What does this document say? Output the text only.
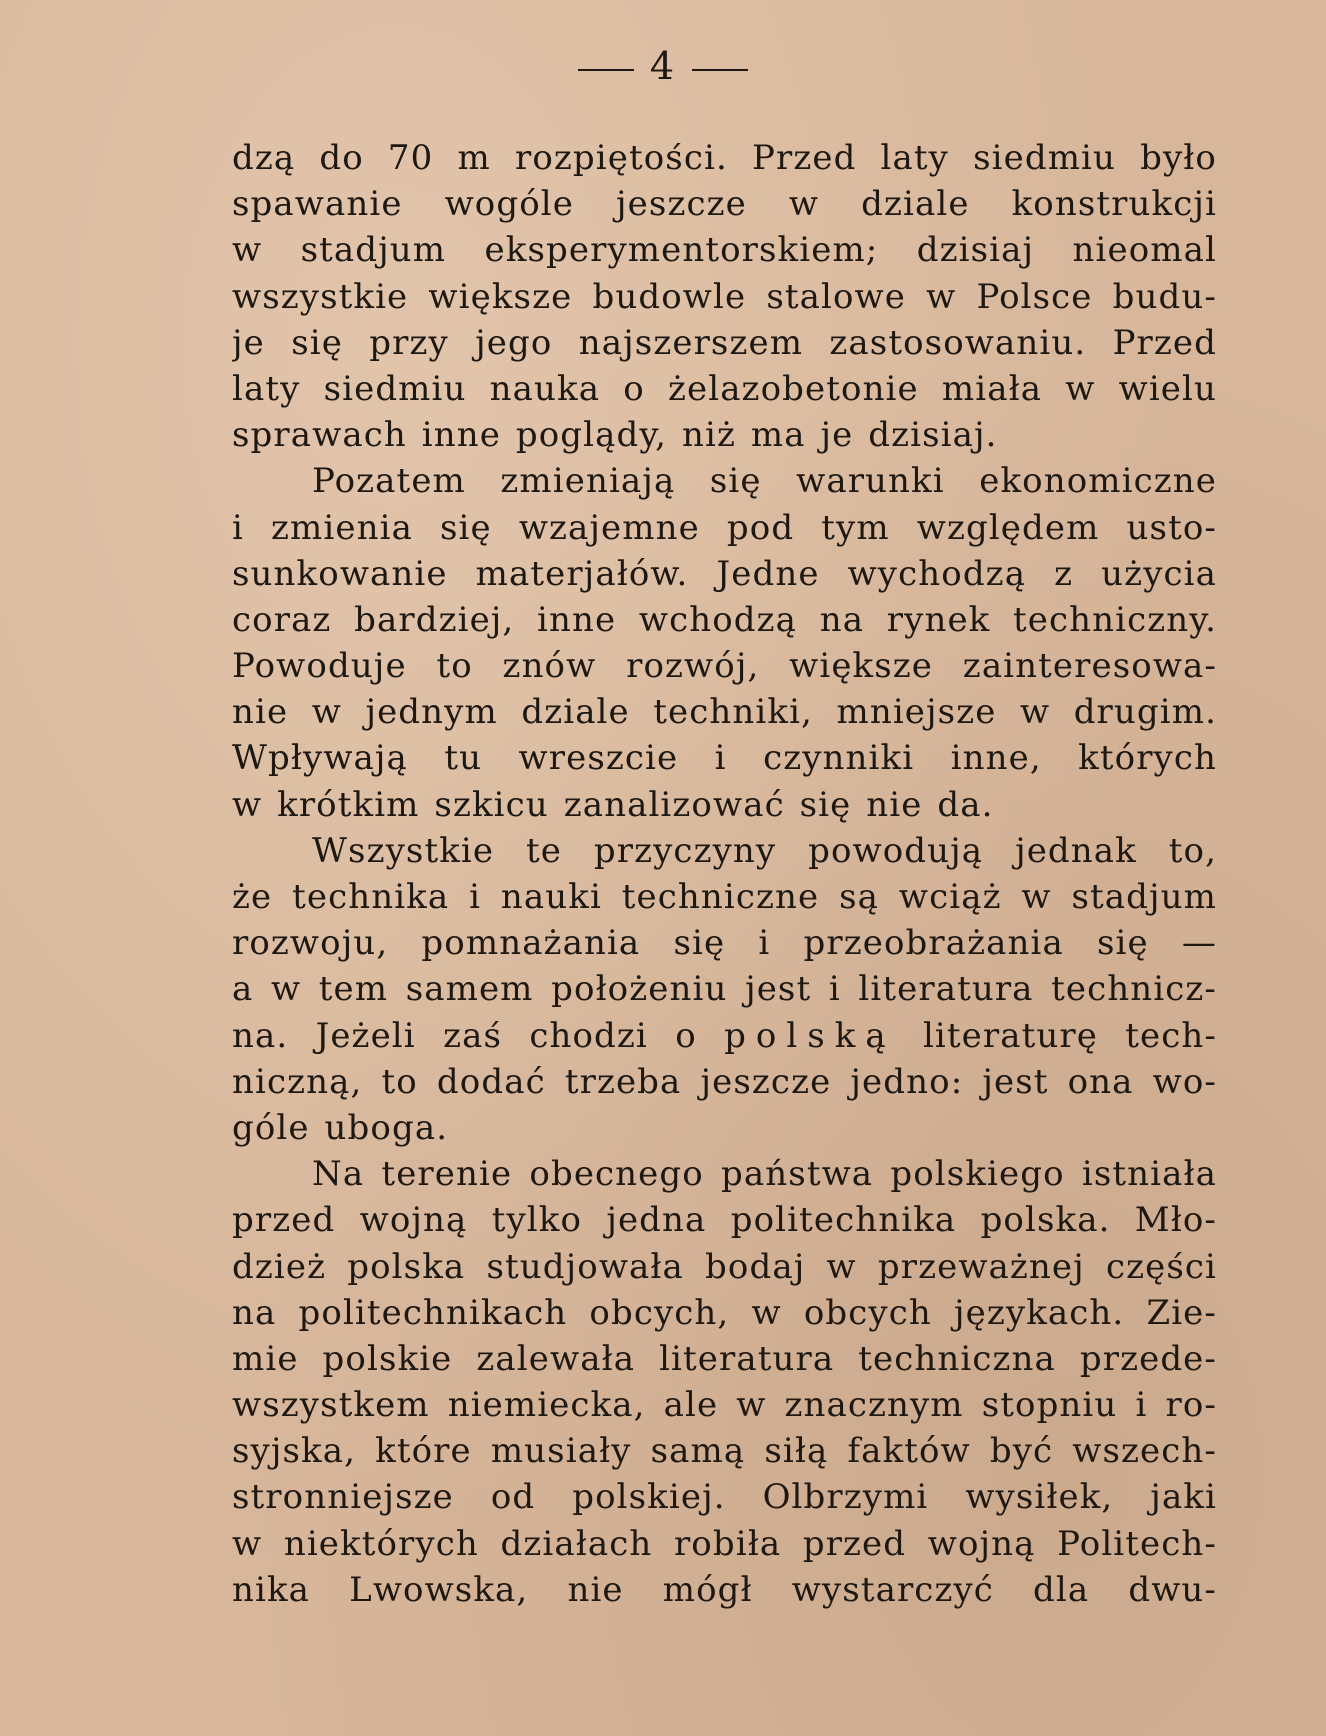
4
dzą do 70 m rozpiętości. Przed laty siedmiu było
spawanie wogóle jeszcze w dziale konstrukcji
w stadjum eksperymentorskiem; dzisiaj nieomal
wszystkie większe budowle stalowe w Polsce budu-
je się przy jego najszerszem zastosowaniu. Przed
laty siedmiu nauka o żelazobetonie miała w wielu
sprawach inne poglądy, niż ma je dzisiaj.
Pozatem zmieniają się warunki ekonomiczne
i zmienia się wzajemne pod tym względem usto-
sunkowanie materjałów. Jedne wychodzą z użycia
coraz bardziej, inne wchodzą na rynek techniczny.
Powoduje to znów rozwój, większe zainteresowa-
nie w jednym dziale techniki, mniejsze w drugim.
Wpływają tu wreszcie i czynniki inne, których
w krótkim szkicu zanalizować się nie da.
Wszystkie te przyczyny powodują jednak to,
że technika i nauki techniczne są wciąż w stadjum
rozwoju, pomnażania się i przeobrażania się —
a w tem samem położeniu jest i literatura technicz-
na. Jeżeli zaś chodzi o polską literaturę tech-
niczną, to dodać trzeba jeszcze jedno: jest ona wo-
góle uboga.
Na terenie obecnego państwa polskiego istniała
przed wojną tylko jedna politechnika polska. Mło-
dzież polska studjowała bodaj w przeważnej części
na politechnikach obcych, w obcych językach. Zie-
mie polskie zalewała literatura techniczna przede-
wszystkem niemiecka, ale w znacznym stopniu i ro-
syjska, które musiały samą siłą faktów być wszech-
stronniejsze od polskiej. Olbrzymi wysiłek, jaki
w niektórych działach robiła przed wojną Politech-
nika Lwowska, nie mógł wystarczyć dla dwu-
